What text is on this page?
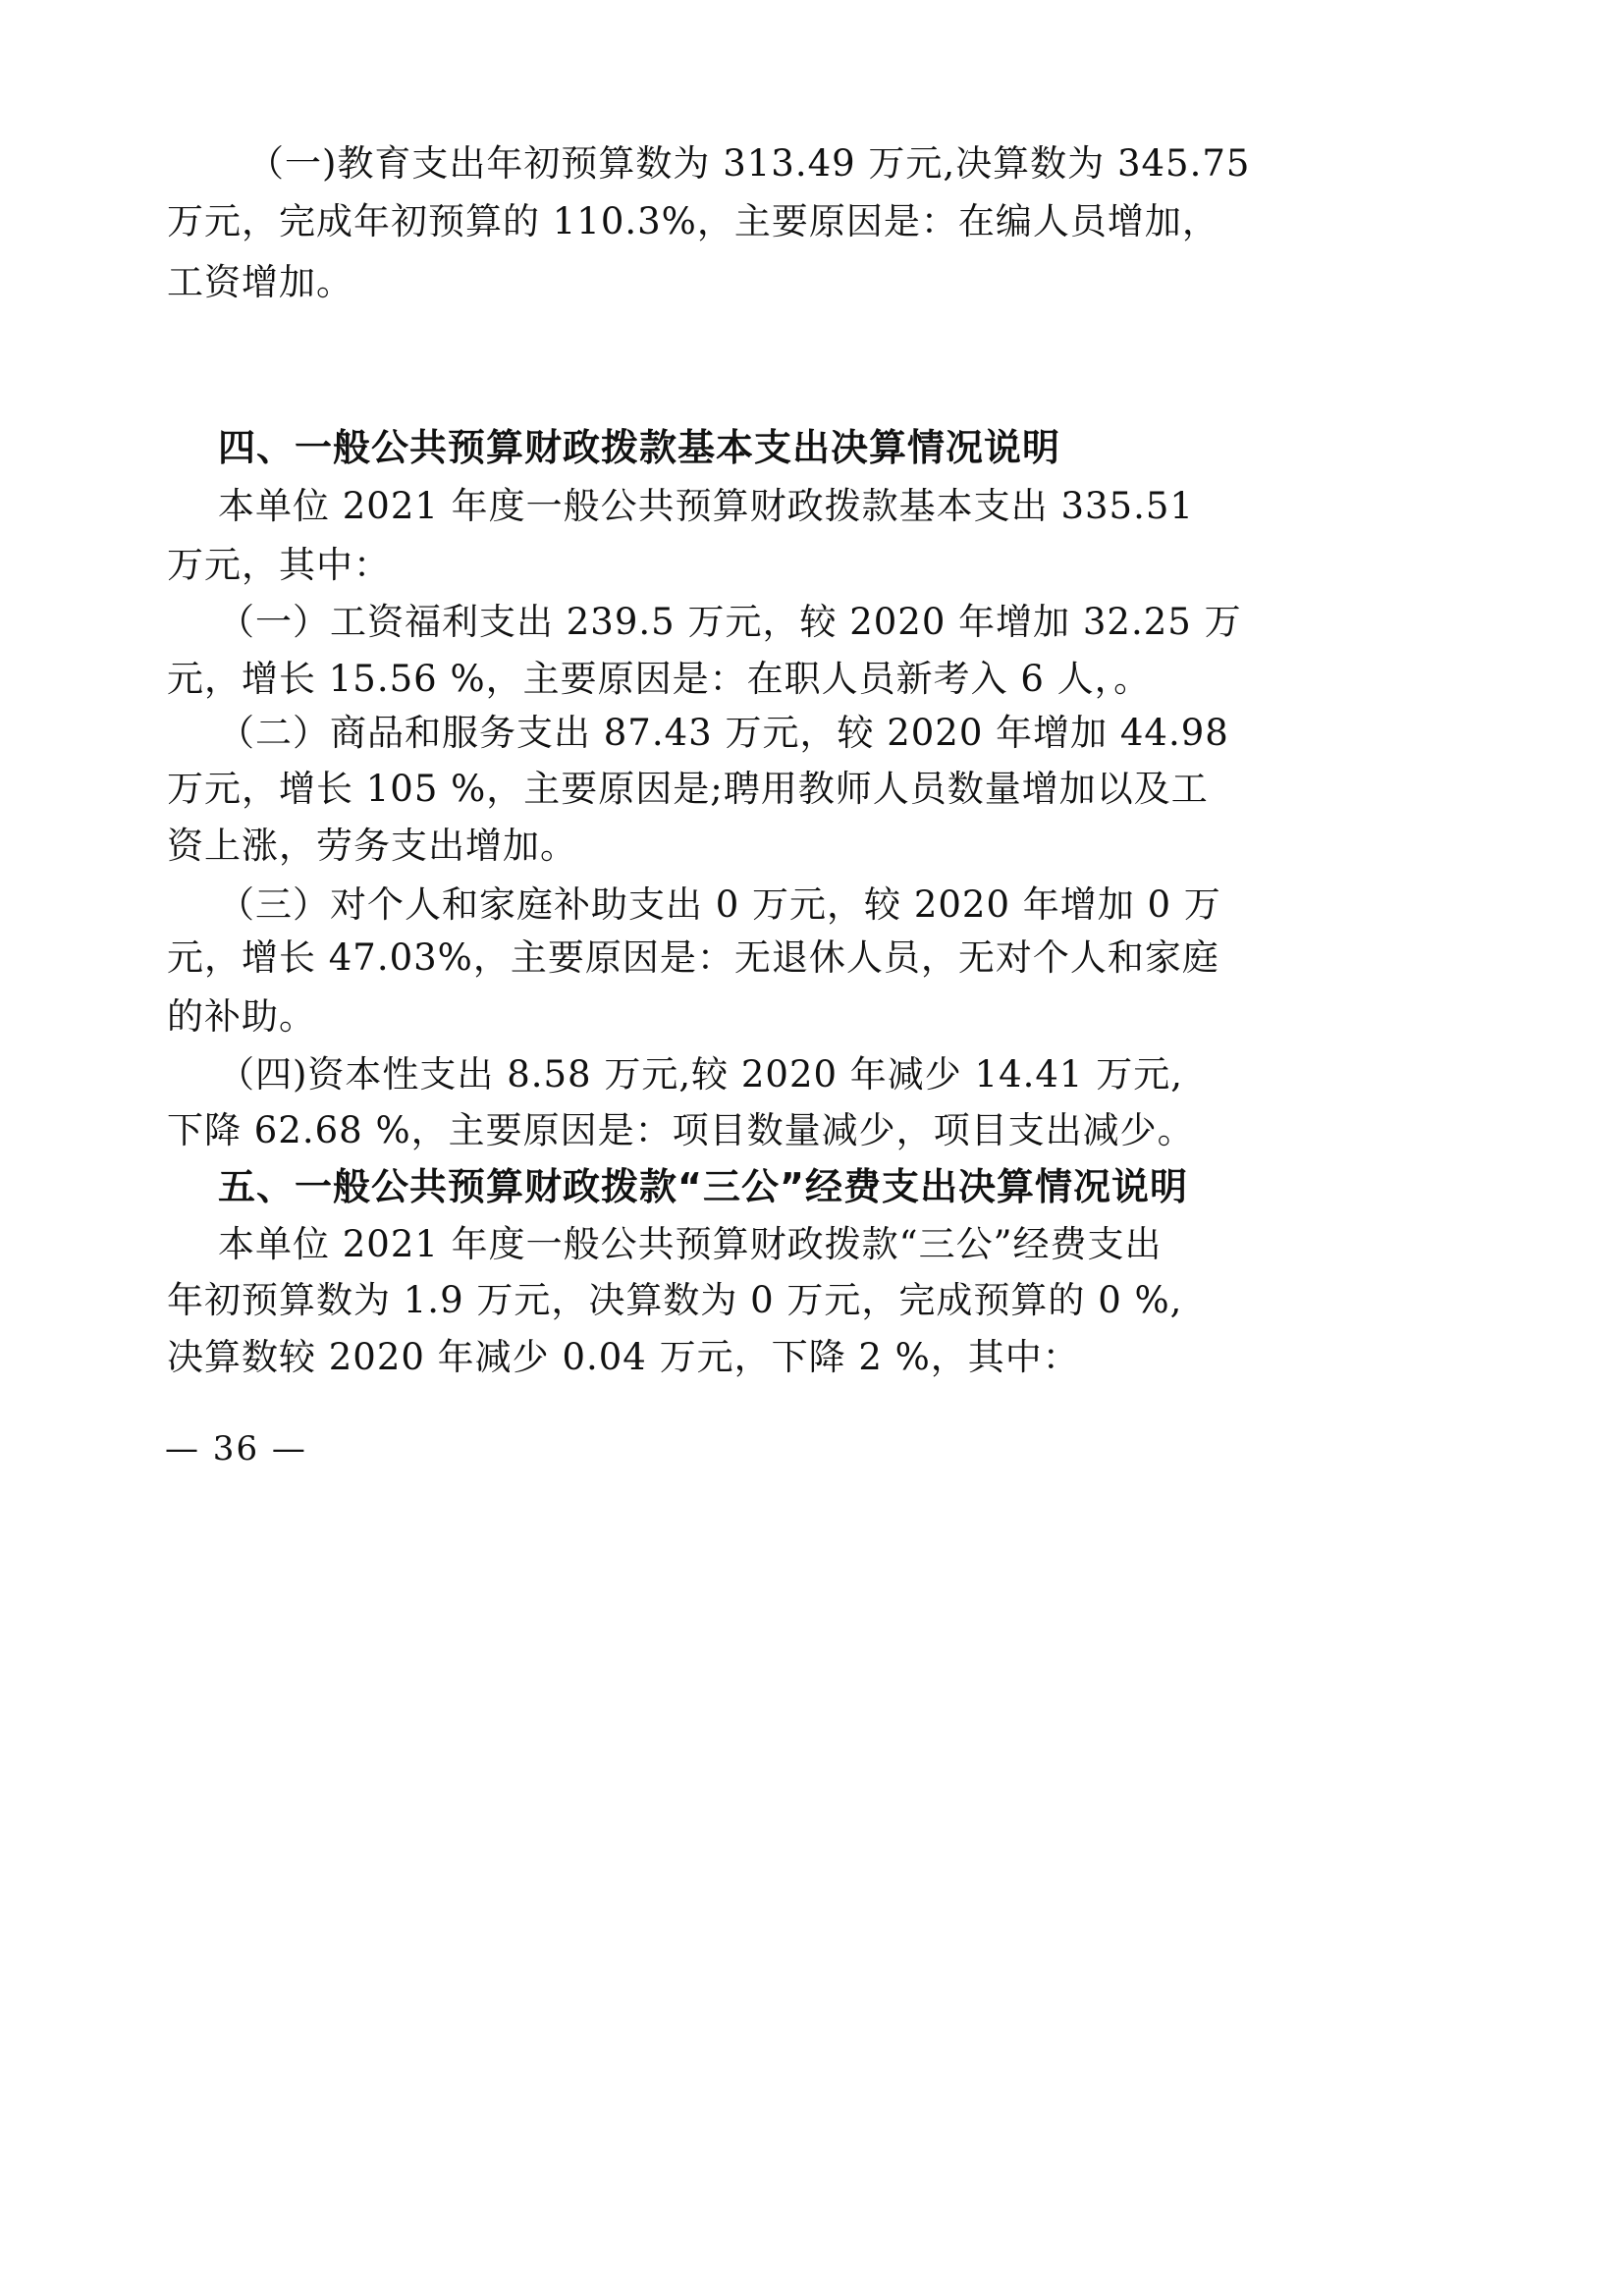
（一)教育支出年初预算数为 313.49 万元,决算数为 345.75

万元，完成年初预算的 110.3%，主要原因是：在编人员增加，

工资增加。

四、一般公共预算财政拨款基本支出决算情况说明

本单位 2021 年度一般公共预算财政拨款基本支出 335.51

万元，其中：

（一）工资福利支出 239.5 万元，较 2020 年增加 32.25 万

元，增长 15.56 %，主要原因是：在职人员新考入 6 人，。

（二）商品和服务支出 87.43 万元，较 2020 年增加 44.98

万元，增长 105 %，主要原因是;聘用教师人员数量增加以及工

资上涨，劳务支出增加。

（三）对个人和家庭补助支出 0 万元，较 2020 年增加 0 万

元，增长 47.03%，主要原因是：无退休人员，无对个人和家庭

的补助。

（四)资本性支出 8.58 万元,较 2020 年减少 14.41 万元,

下降 62.68 %，主要原因是：项目数量减少，项目支出减少。

五、一般公共预算财政拨款“三公”经费支出决算情况说明

本单位 2021 年度一般公共预算财政拨款“三公”经费支出

年初预算数为 1.9 万元，决算数为 0 万元，完成预算的 0 %,

决算数较 2020 年减少 0.04 万元，下降 2 %，其中：

— 36 —
